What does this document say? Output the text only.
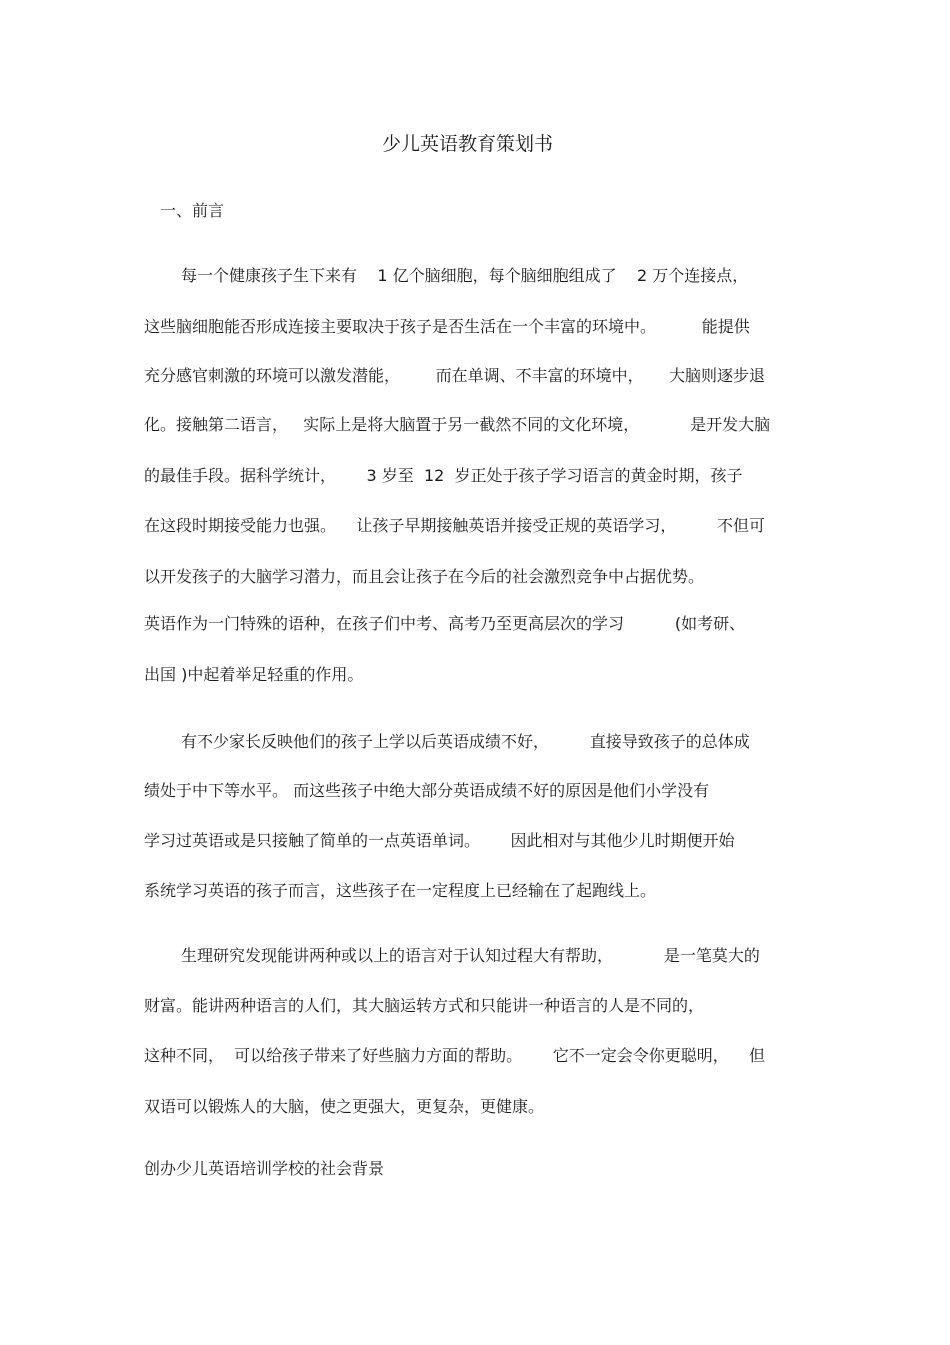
少儿英语教育策划书
一、前言

每一个健康孩子生下来有    1 亿个脑细胞，每个脑细胞组成了    2 万个连接点，

这些脑细胞能否形成连接主要取决于孩子是否生活在一个丰富的环境中。         能提供

充分感官刺激的环境可以激发潜能，       而在单调、不丰富的环境中，     大脑则逐步退

化。接触第二语言，   实际上是将大脑置于另一截然不同的文化环境，          是开发大脑

的最佳手段。据科学统计，      3 岁至  12  岁正处于孩子学习语言的黄金时期，孩子

在这段时期接受能力也强。    让孩子早期接触英语并接受正规的英语学习，        不但可

以开发孩子的大脑学习潜力，而且会让孩子在今后的社会激烈竞争中占据优势。

英语作为一门特殊的语种，在孩子们中考、高考乃至更高层次的学习          (如考研、

出国 )中起着举足轻重的作用。

有不少家长反映他们的孩子上学以后英语成绩不好，        直接导致孩子的总体成

绩处于中下等水平。 而这些孩子中绝大部分英语成绩不好的原因是他们小学没有

学习过英语或是只接触了简单的一点英语单词。      因此相对与其他少儿时期便开始

系统学习英语的孩子而言，这些孩子在一定程度上已经输在了起跑线上。

生理研究发现能讲两种或以上的语言对于认知过程大有帮助，          是一笔莫大的

财富。能讲两种语言的人们，其大脑运转方式和只能讲一种语言的人是不同的，

这种不同，  可以给孩子带来了好些脑力方面的帮助。      它不一定会令你更聪明，    但

双语可以锻炼人的大脑，使之更强大，更复杂，更健康。

创办少儿英语培训学校的社会背景
